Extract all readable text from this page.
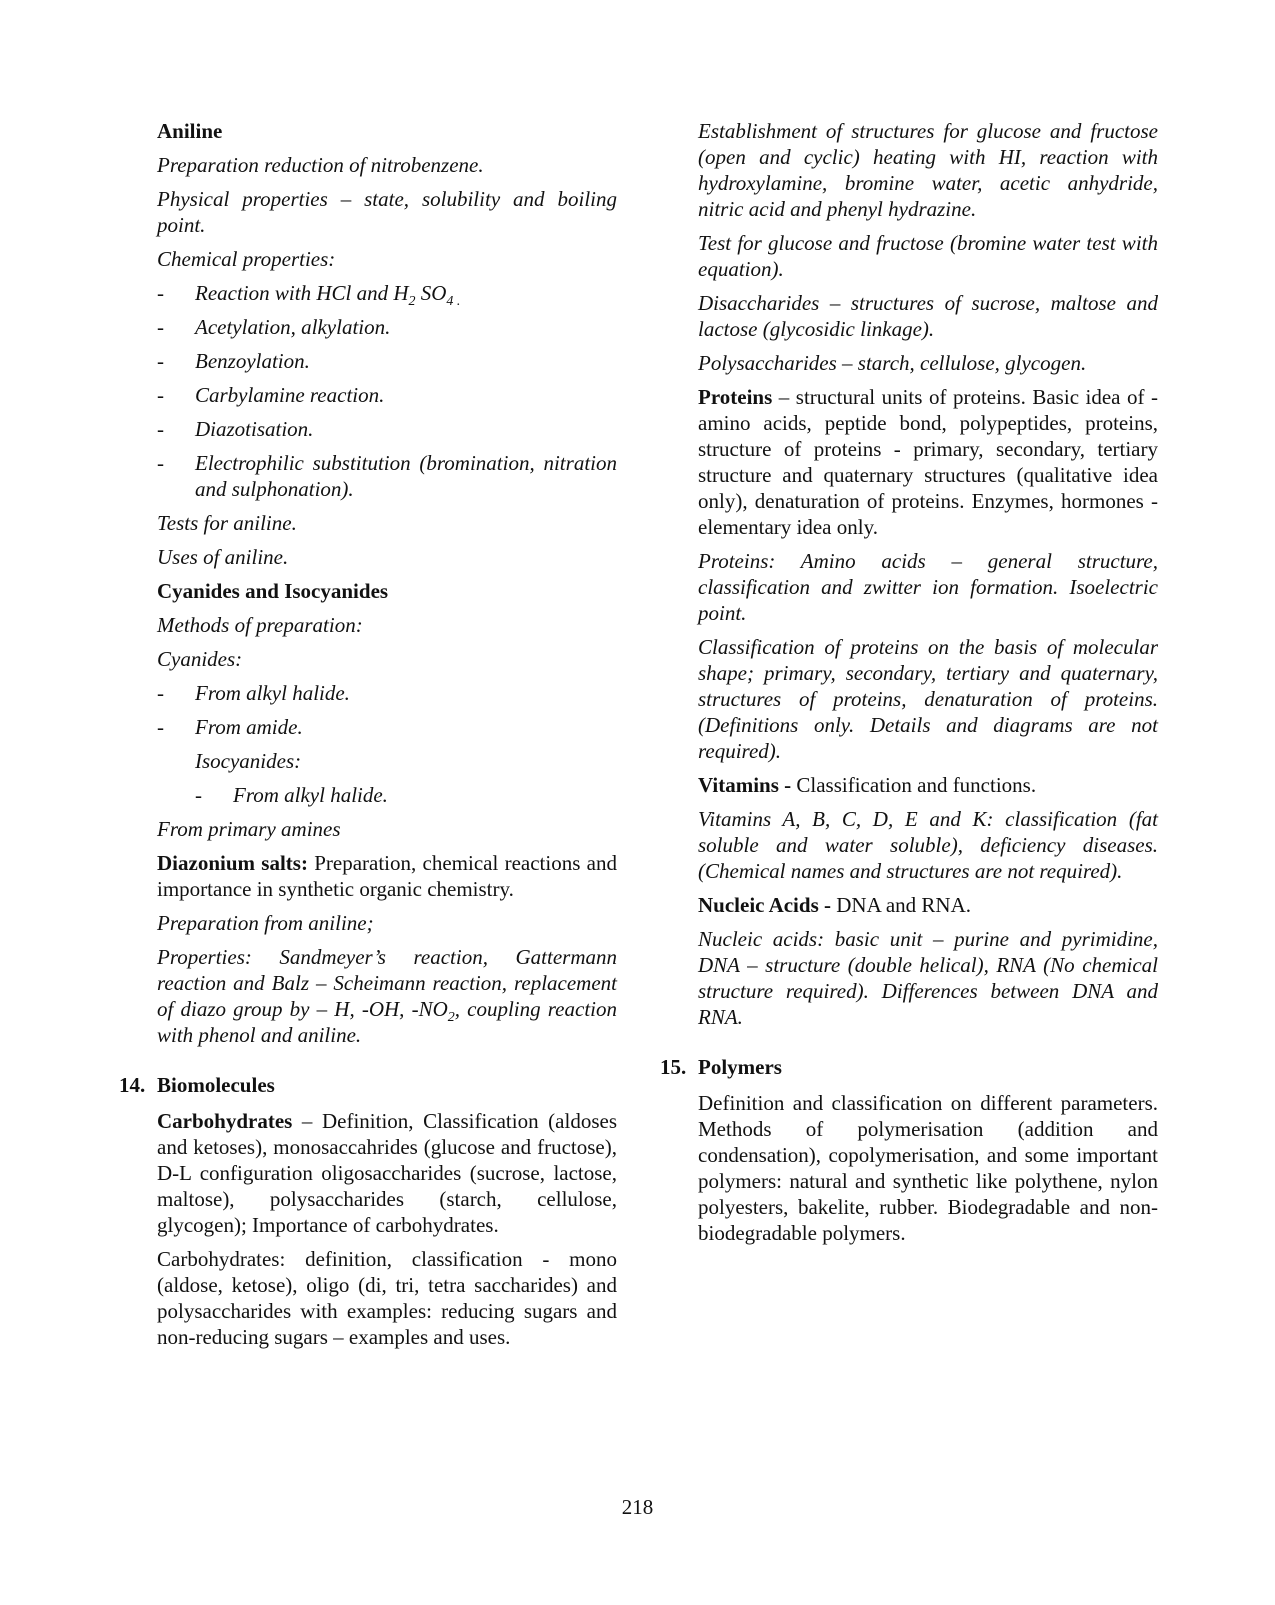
Aniline

Preparation reduction of nitrobenzene.

Physical properties – state, solubility and boiling point.

Chemical properties:

-	Reaction with HCl and $H_2$ $SO_{4 .}$
-	Acetylation, alkylation.
-	Benzoylation.
-	Carbylamine reaction.
-	Diazotisation.
-	Electrophilic substitution (bromination, nitration and sulphonation).

Tests for aniline.

Uses of aniline.

Cyanides and Isocyanides

Methods of preparation:

Cyanides:

-	From alkyl halide.
-	From amide.

Isocyanides:

-	From alkyl halide.

From primary amines

Diazonium salts: Preparation, chemical reactions and importance in synthetic organic chemistry.

Preparation from aniline;

Properties: Sandmeyer’s reaction, Gattermann reaction and Balz – Scheimann reaction, replacement of diazo group by – H, -OH, $-NO_2$, coupling reaction with phenol and aniline.

14. Biomolecules

Carbohydrates – Definition, Classification (aldoses and ketoses), monosaccahrides (glucose and fructose), D-L configuration oligosaccharides (sucrose, lactose, maltose), polysaccharides (starch, cellulose, glycogen); Importance of carbohydrates.

Carbohydrates: definition, classification - mono (aldose, ketose), oligo (di, tri, tetra saccharides) and polysaccharides with examples: reducing sugars and non-reducing sugars – examples and uses.

Establishment of structures for glucose and fructose (open and cyclic) heating with HI, reaction with hydroxylamine, bromine water, acetic anhydride, nitric acid and phenyl hydrazine.

Test for glucose and fructose (bromine water test with equation).

Disaccharides – structures of sucrose, maltose and lactose (glycosidic linkage).

Polysaccharides – starch, cellulose, glycogen.

Proteins – structural units of proteins. Basic idea of - amino acids, peptide bond, polypeptides, proteins, structure of proteins - primary, secondary, tertiary structure and quaternary structures (qualitative idea only), denaturation of proteins. Enzymes, hormones - elementary idea only.

Proteins: Amino acids – general structure, classification and zwitter ion formation. Isoelectric point.

Classification of proteins on the basis of molecular shape; primary, secondary, tertiary and quaternary, structures of proteins, denaturation of proteins. (Definitions only. Details and diagrams are not required).

Vitamins - Classification and functions.

Vitamins A, B, C, D, E and K: classification (fat soluble and water soluble), deficiency diseases. (Chemical names and structures are not required).

Nucleic Acids - DNA and RNA.

Nucleic acids: basic unit – purine and pyrimidine, DNA – structure (double helical), RNA (No chemical structure required). Differences between DNA and RNA.

15. Polymers

Definition and classification on different parameters. Methods of polymerisation (addition and condensation), copolymerisation, and some important polymers: natural and synthetic like polythene, nylon polyesters, bakelite, rubber. Biodegradable and non-biodegradable polymers.

218
